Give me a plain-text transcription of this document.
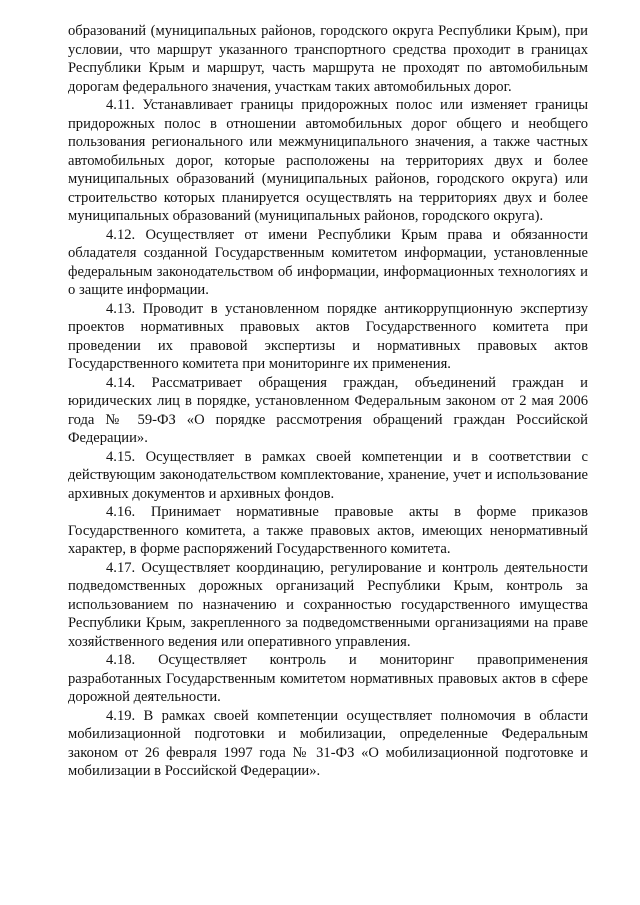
образований (муниципальных районов, городского округа Республики Крым), при условии, что маршрут указанного транспортного средства проходит в границах Республики Крым и маршрут, часть маршрута не проходят по автомобильным дорогам федерального значения, участкам таких автомобильных дорог.

4.11. Устанавливает границы придорожных полос или изменяет границы придорожных полос в отношении автомобильных дорог общего и необщего пользования регионального или межмуниципального значения, а также частных автомобильных дорог, которые расположены на территориях двух и более муниципальных образований (муниципальных районов, городского округа) или строительство которых планируется осуществлять на территориях двух и более муниципальных образований (муниципальных районов, городского округа).

4.12. Осуществляет от имени Республики Крым права и обязанности обладателя созданной Государственным комитетом информации, установленные федеральным законодательством об информации, информационных технологиях и о защите информации.

4.13. Проводит в установленном порядке антикоррупционную экспертизу проектов нормативных правовых актов Государственного комитета при проведении их правовой экспертизы и нормативных правовых актов Государственного комитета при мониторинге их применения.

4.14. Рассматривает обращения граждан, объединений граждан и юридических лиц в порядке, установленном Федеральным законом от 2 мая 2006 года № 59-ФЗ «О порядке рассмотрения обращений граждан Российской Федерации».

4.15. Осуществляет в рамках своей компетенции и в соответствии с действующим законодательством комплектование, хранение, учет и использование архивных документов и архивных фондов.

4.16. Принимает нормативные правовые акты в форме приказов Государственного комитета, а также правовых актов, имеющих ненормативный характер, в форме распоряжений Государственного комитета.

4.17. Осуществляет координацию, регулирование и контроль деятельности подведомственных дорожных организаций Республики Крым, контроль за использованием по назначению и сохранностью государственного имущества Республики Крым, закрепленного за подведомственными организациями на праве хозяйственного ведения или оперативного управления.

4.18. Осуществляет контроль и мониторинг правоприменения разработанных Государственным комитетом нормативных правовых актов в сфере дорожной деятельности.

4.19. В рамках своей компетенции осуществляет полномочия в области мобилизационной подготовки и мобилизации, определенные Федеральным законом от 26 февраля 1997 года № 31-ФЗ «О мобилизационной подготовке и мобилизации в Российской Федерации».
